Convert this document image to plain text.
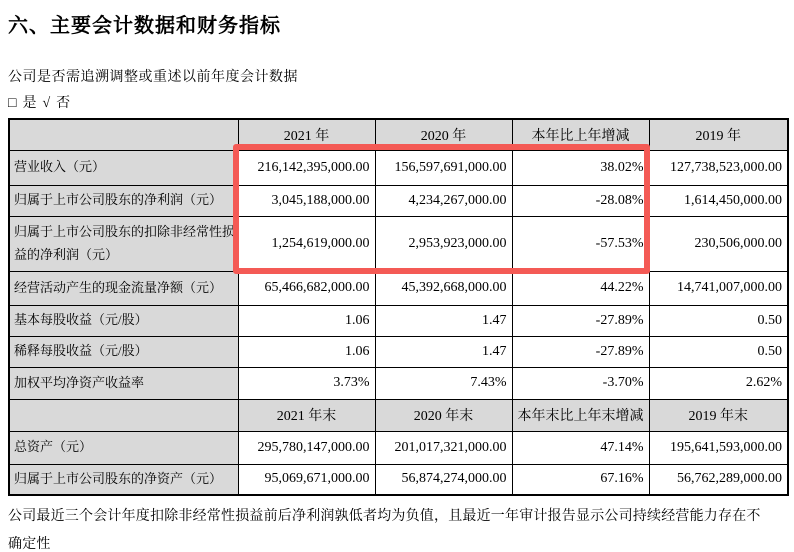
六、主要会计数据和财务指标
公司是否需追溯调整或重述以前年度会计数据
□ 是 √ 否
	2021 年	2020 年	本年比上年增减	2019 年
营业收入（元）	216,142,395,000.00	156,597,691,000.00	38.02%	127,738,523,000.00
归属于上市公司股东的净利润（元）	3,045,188,000.00	4,234,267,000.00	-28.08%	1,614,450,000.00
归属于上市公司股东的扣除非经常性损益的净利润（元）	1,254,619,000.00	2,953,923,000.00	-57.53%	230,506,000.00
经营活动产生的现金流量净额（元）	65,466,682,000.00	45,392,668,000.00	44.22%	14,741,007,000.00
基本每股收益（元/股）	1.06	1.47	-27.89%	0.50
稀释每股收益（元/股）	1.06	1.47	-27.89%	0.50
加权平均净资产收益率	3.73%	7.43%	-3.70%	2.62%
	2021 年末	2020 年末	本年末比上年末增减	2019 年末
总资产（元）	295,780,147,000.00	201,017,321,000.00	47.14%	195,641,593,000.00
归属于上市公司股东的净资产（元）	95,069,671,000.00	56,874,274,000.00	67.16%	56,762,289,000.00
公司最近三个会计年度扣除非经常性损益前后净利润孰低者均为负值，且最近一年审计报告显示公司持续经营能力存在不确定性
